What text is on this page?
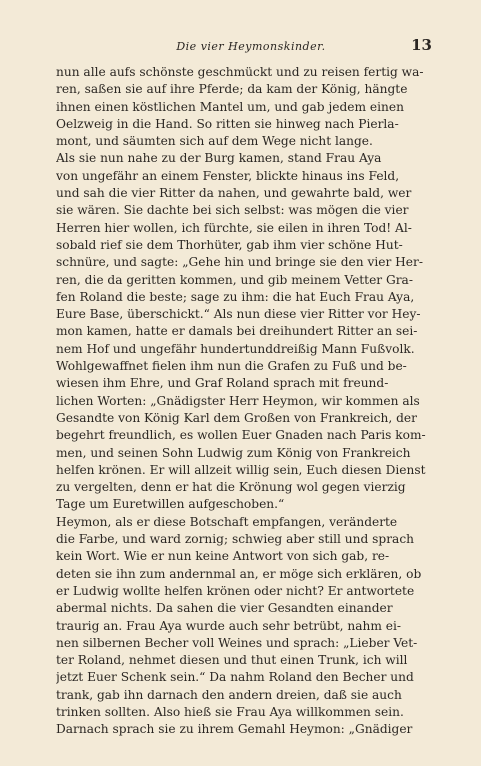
Die vier Heymonskinder.	13
nun alle aufs schönste geschmückt und zu reisen fertig wa-
ren, saßen sie auf ihre Pferde; da kam der König, hängte
ihnen einen köstlichen Mantel um, und gab jedem einen
Oelzweig in die Hand. So ritten sie hinweg nach Pierla-
mont, und säumten sich auf dem Wege nicht lange.
Als sie nun nahe zu der Burg kamen, stand Frau Aya
von ungefähr an einem Fenster, blickte hinaus ins Feld,
und sah die vier Ritter da nahen, und gewahrte bald, wer
sie wären. Sie dachte bei sich selbst: was mögen die vier
Herren hier wollen, ich fürchte, sie eilen in ihren Tod! Al-
sobald rief sie dem Thorhüter, gab ihm vier schöne Hut-
schnüre, und sagte: „Gehe hin und bringe sie den vier Her-
ren, die da geritten kommen, und gib meinem Vetter Gra-
fen Roland die beste; sage zu ihm: die hat Euch Frau Aya,
Eure Base, überschickt.“ Als nun diese vier Ritter vor Hey-
mon kamen, hatte er damals bei dreihundert Ritter an sei-
nem Hof und ungefähr hundertunddreißig Mann Fußvolk.
Wohlgewaffnet fielen ihm nun die Grafen zu Fuß und be-
wiesen ihm Ehre, und Graf Roland sprach mit freund-
lichen Worten: „Gnädigster Herr Heymon, wir kommen als
Gesandte von König Karl dem Großen von Frankreich, der
begehrt freundlich, es wollen Euer Gnaden nach Paris kom-
men, und seinen Sohn Ludwig zum König von Frankreich
helfen krönen. Er will allzeit willig sein, Euch diesen Dienst
zu vergelten, denn er hat die Krönung wol gegen vierzig
Tage um Euretwillen aufgeschoben.“
Heymon, als er diese Botschaft empfangen, veränderte
die Farbe, und ward zornig; schwieg aber still und sprach
kein Wort. Wie er nun keine Antwort von sich gab, re-
deten sie ihn zum andernmal an, er möge sich erklären, ob
er Ludwig wollte helfen krönen oder nicht? Er antwortete
abermal nichts. Da sahen die vier Gesandten einander
traurig an. Frau Aya wurde auch sehr betrübt, nahm ei-
nen silbernen Becher voll Weines und sprach: „Lieber Vet-
ter Roland, nehmet diesen und thut einen Trunk, ich will
jetzt Euer Schenk sein.“ Da nahm Roland den Becher und
trank, gab ihn darnach den andern dreien, daß sie auch
trinken sollten. Also hieß sie Frau Aya willkommen sein.
Darnach sprach sie zu ihrem Gemahl Heymon: „Gnädiger
